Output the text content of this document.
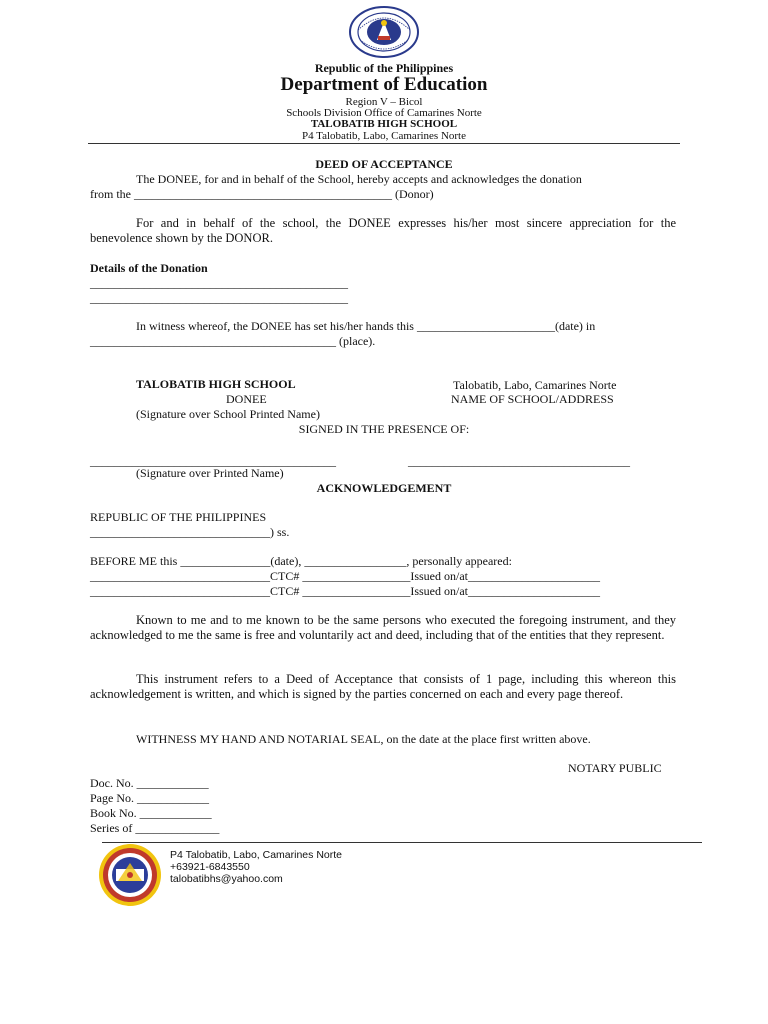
Republic of the Philippines
Department of Education
Region V – Bicol
Schools Division Office of Camarines Norte
TALOBATIB HIGH SCHOOL
P4 Talobatib, Labo, Camarines Norte
DEED OF ACCEPTANCE
The DONEE, for and in behalf of the School, hereby accepts and acknowledges the donation
from the ___________________________________________ (Donor)
For and in behalf of the school, the DONEE expresses his/her most sincere appreciation for the benevolence shown by the DONOR.
Details of the Donation
___________________________________________
___________________________________________
In witness whereof, the DONEE has set his/her hands this _______________________(date) in
_________________________________________ (place).
TALOBATIB HIGH SCHOOL
DONEE
(Signature over School Printed Name)
Talobatib, Labo, Camarines Norte
NAME OF SCHOOL/ADDRESS
SIGNED IN THE PRESENCE OF:
_________________________________________	_____________________________________
(Signature over Printed Name)
ACKNOWLEDGEMENT
REPUBLIC OF THE PHILIPPINES
______________________________) ss.
BEFORE ME this _______________(date), _________________, personally appeared:
______________________________CTC# __________________Issued on/at______________________
______________________________CTC# __________________Issued on/at______________________
Known to me and to me known to be the same persons who executed the foregoing instrument, and they acknowledged to me the same is free and voluntarily act and deed, including that of the entities that they represent.
This instrument refers to a Deed of Acceptance that consists of 1 page, including this whereon this acknowledgement is written, and which is signed by the parties concerned on each and every page thereof.
WITHNESS MY HAND AND NOTARIAL SEAL, on the date at the place first written above.
NOTARY PUBLIC
Doc. No. ____________
Page No. ____________
Book No. ____________
Series of ______________
P4 Talobatib, Labo, Camarines Norte
+63921-6843550
talobatibhs@yahoo.com
